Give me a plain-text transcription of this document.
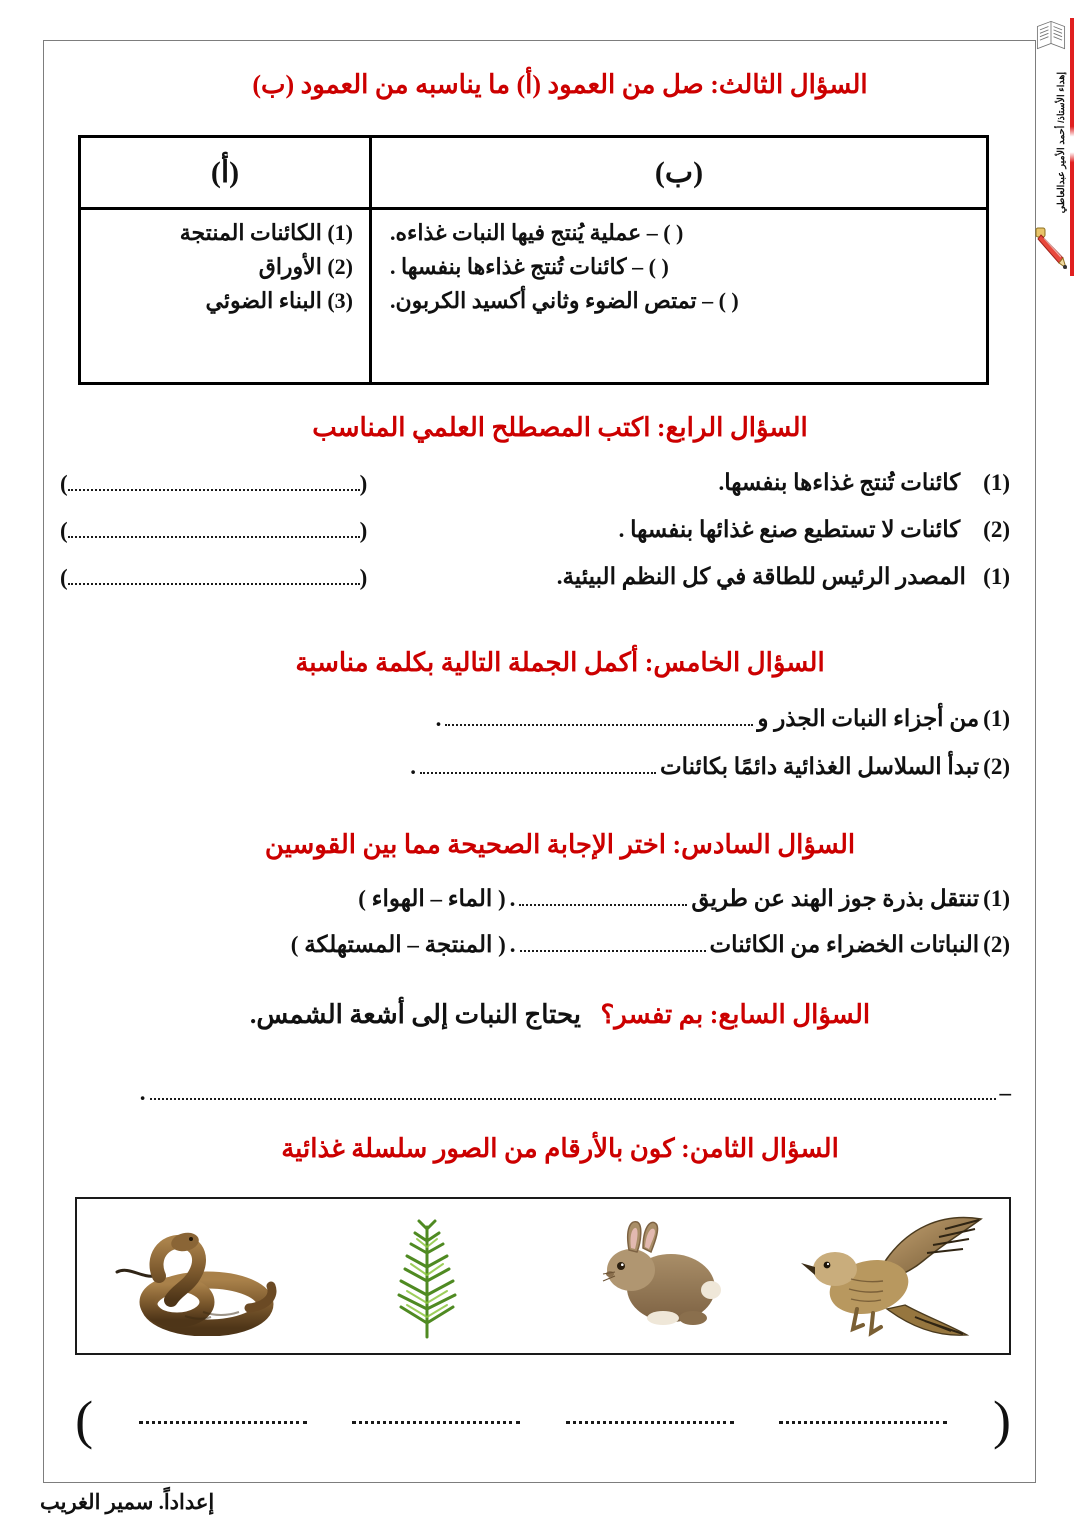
إهداء الأستاذ/ أحمد الأمير عبدالعاطي
السؤال الثالث: صل من العمود (أ) ما يناسبه من العمود (ب)
(ب)
( ) – عملية يُنتج فيها النبات غذاءه.
( ) – كائنات تُنتج غذاءها بنفسها .
( ) – تمتص الضوء وثاني أكسيد الكربون.
(أ)
(1) الكائنات المنتجة
(2) الأوراق
(3) البناء الضوئي
السؤال الرابع: اكتب المصطلح العلمي المناسب
(1)    كائنات تُنتج غذاءها بنفسها.
()
(2)    كائنات لا تستطيع صنع غذائها بنفسها .
()
(1)   المصدر الرئيس للطاقة في كل النظم البيئية.
()
السؤال الخامس: أكمل الجملة التالية بكلمة مناسبة
(1) من أجزاء النبات الجذر و  .
(2) تبدأ السلاسل الغذائية دائمًا بكائنات  .
السؤال السادس: اختر الإجابة الصحيحة مما بين القوسين
(1) تنتقل بذرة جوز الهند عن طريق  . ( الماء – الهواء )
(2) النباتات الخضراء من الكائنات  . ( المنتجة – المستهلكة )
السؤال السابع: بم تفسر؟   يحتاج النبات إلى أشعة الشمس.
–  .
السؤال الثامن: كون بالأرقام من الصور سلسلة غذائية
(
)
إعداداً. سمير الغريب
